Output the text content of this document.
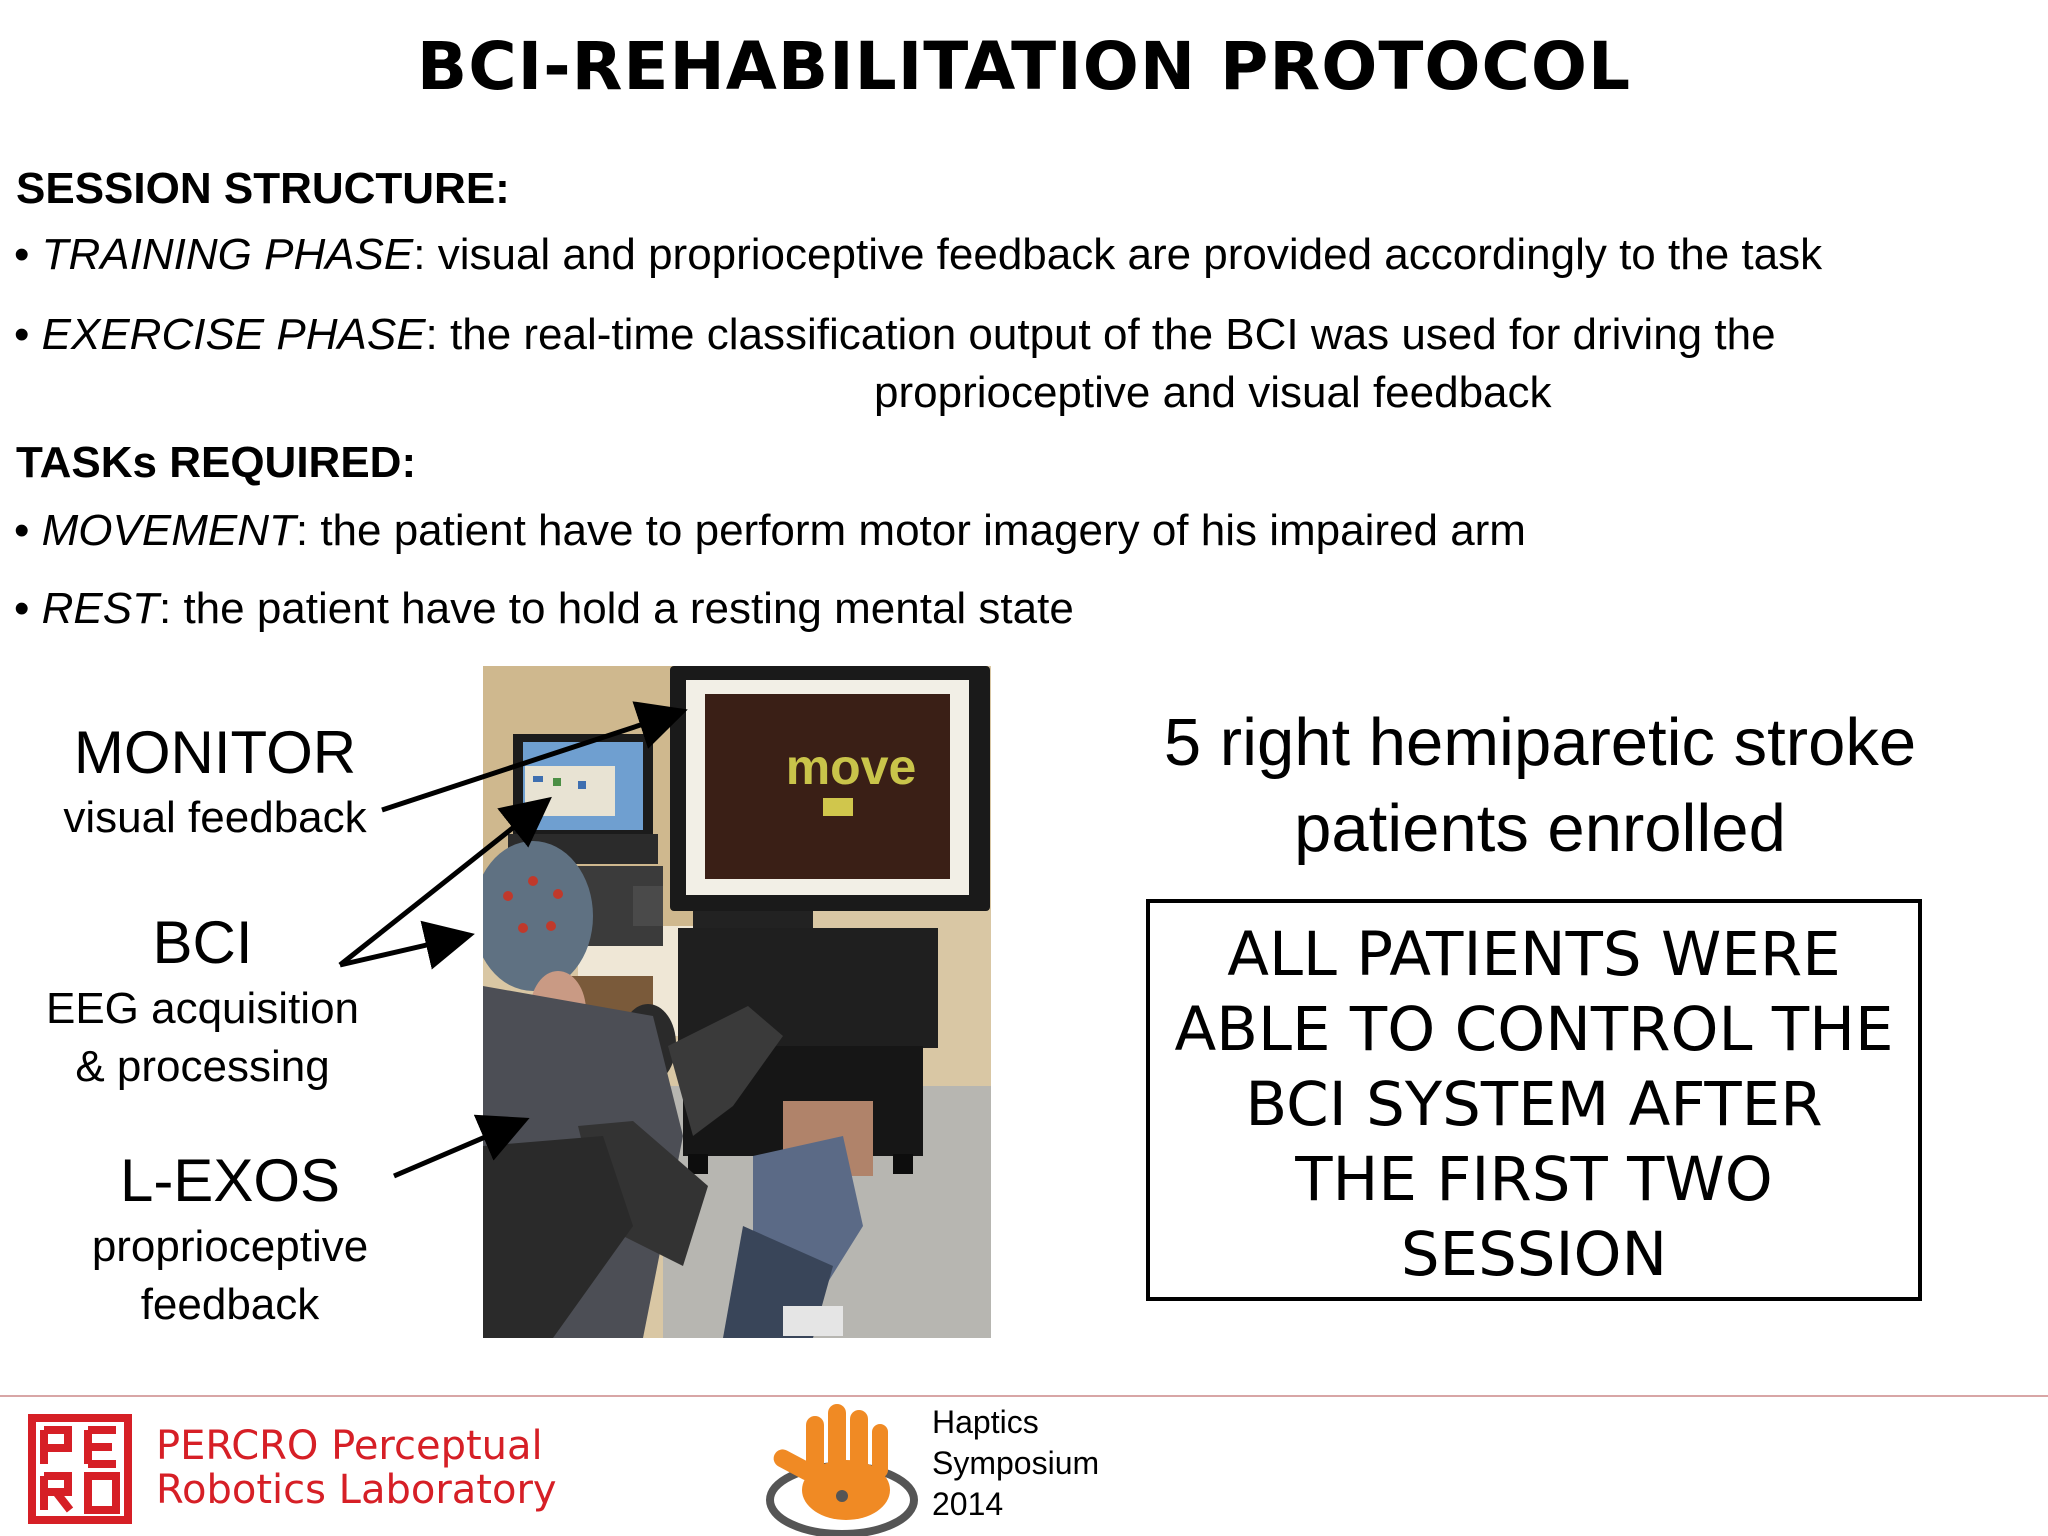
BCI-REHABILITATION PROTOCOL
SESSION STRUCTURE:
• TRAINING PHASE: visual and proprioceptive feedback are provided accordingly to the task
• EXERCISE PHASE: the real-time classification output of the BCI was used for driving the
proprioceptive and visual feedback
TASKs REQUIRED:
• MOVEMENT: the patient have to perform motor imagery of his impaired arm
• REST: the patient have to hold a resting mental state
MONITOR
visual feedback
BCI
EEG acquisition
& processing
L-EXOS
proprioceptive
feedback
move	5 right hemiparetic stroke
patients enrolled
ALL PATIENTS WERE
ABLE TO CONTROL THE
BCI SYSTEM AFTER
THE FIRST TWO
SESSION
PERCRO Perceptual
Robotics Laboratory
Haptics
Symposium
2014
